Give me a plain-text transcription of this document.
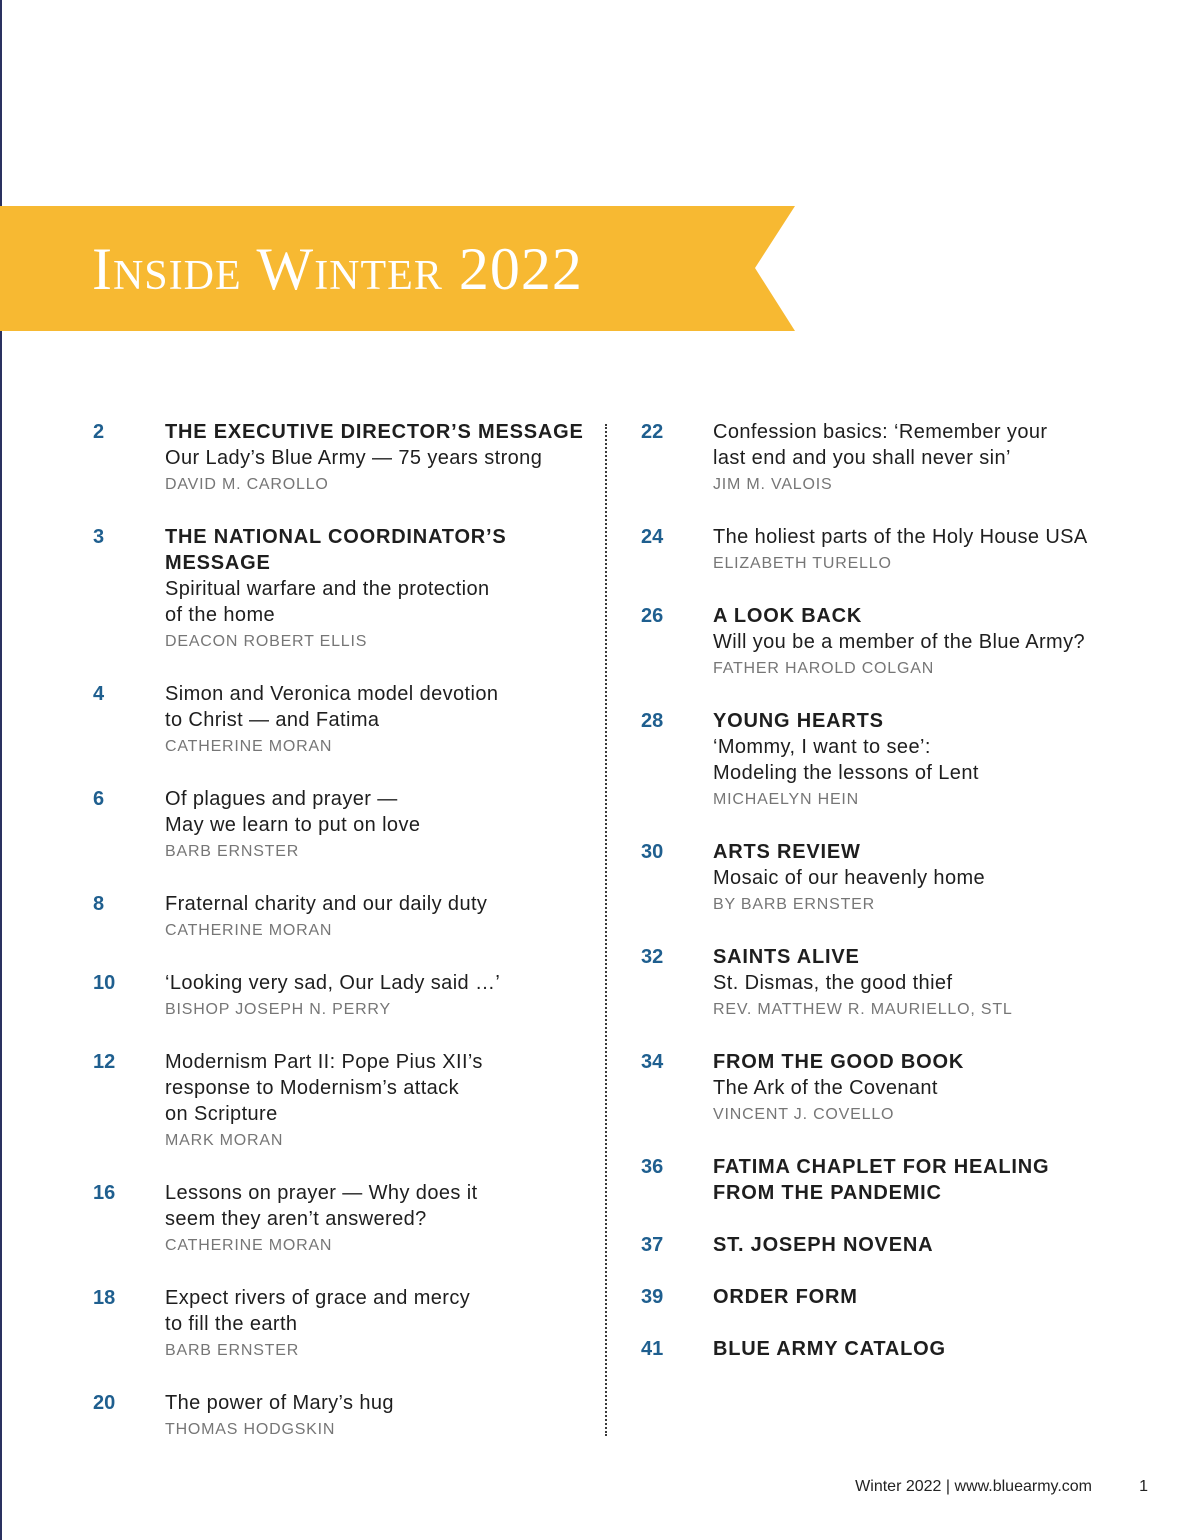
Inside Winter 2022
2	THE EXECUTIVE DIRECTOR’S MESSAGE
Our Lady’s Blue Army — 75 years strong
DAVID M. CAROLLO
3	THE NATIONAL COORDINATOR’S
MESSAGE
Spiritual warfare and the protection
of the home
DEACON ROBERT ELLIS
4	Simon and Veronica model devotion
to Christ — and Fatima
CATHERINE MORAN
6	Of plagues and prayer —
May we learn to put on love
BARB ERNSTER
8	Fraternal charity and our daily duty
CATHERINE MORAN
10 ‘Looking very sad, Our Lady said …’
BISHOP JOSEPH N. PERRY
12 Modernism Part II: Pope Pius XII’s
response to Modernism’s attack
on Scripture
MARK MORAN
16 Lessons on prayer — Why does it
seem they aren’t answered?
CATHERINE MORAN
18 Expect rivers of grace and mercy
to fill the earth
BARB ERNSTER
20 The power of Mary’s hug
THOMAS HODGSKIN
22 Confession basics: ‘Remember your
last end and you shall never sin’
JIM M. VALOIS
24 The holiest parts of the Holy House USA
ELIZABETH TURELLO
26 A LOOK BACK
Will you be a member of the Blue Army?
FATHER HAROLD COLGAN
28 YOUNG HEARTS
‘Mommy, I want to see’:
Modeling the lessons of Lent
MICHAELYN HEIN
30 ARTS REVIEW
Mosaic of our heavenly home
BY BARB ERNSTER
32 SAINTS ALIVE
St. Dismas, the good thief
REV. MATTHEW R. MAURIELLO, STL
34 FROM THE GOOD BOOK
The Ark of the Covenant
VINCENT J. COVELLO
36 FATIMA CHAPLET FOR HEALING
FROM THE PANDEMIC
37 ST. JOSEPH NOVENA
39 ORDER FORM
41 BLUE ARMY CATALOG
Winter 2022 | www.bluearmy.com	1
